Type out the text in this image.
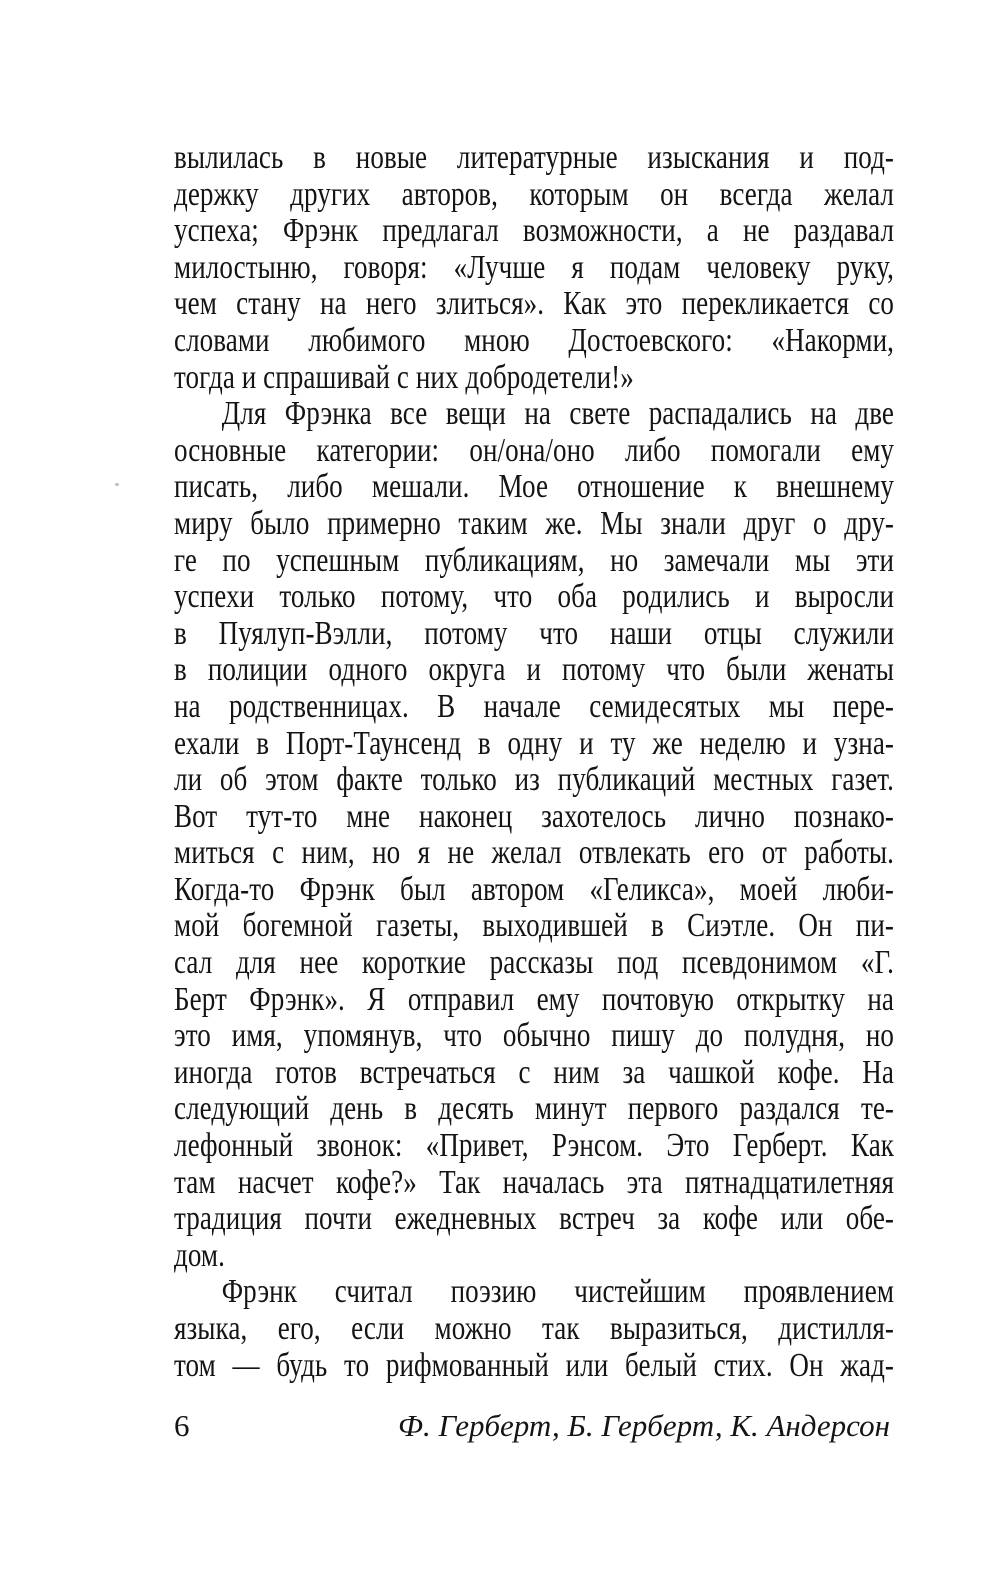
вылилась в новые литературные изыскания и под-
держку других авторов, которым он всегда желал
успеха; Фрэнк предлагал возможности, а не раздавал
милостыню, говоря: «Лучше я подам человеку руку,
чем стану на него злиться». Как это перекликается со
словами любимого мною Достоевского: «Накорми,
тогда и спрашивай с них добродетели!»
Для Фрэнка все вещи на свете распадались на две
основные категории: он/она/оно либо помогали ему
писать, либо мешали. Мое отношение к внешнему
миру было примерно таким же. Мы знали друг о дру-
ге по успешным публикациям, но замечали мы эти
успехи только потому, что оба родились и выросли
в Пуялуп-Вэлли, потому что наши отцы служили
в полиции одного округа и потому что были женаты
на родственницах. В начале семидесятых мы пере-
ехали в Порт-Таунсенд в одну и ту же неделю и узна-
ли об этом факте только из публикаций местных газет.
Вот тут-то мне наконец захотелось лично познако-
миться с ним, но я не желал отвлекать его от работы.
Когда-то Фрэнк был автором «Геликса», моей люби-
мой богемной газеты, выходившей в Сиэтле. Он пи-
сал для нее короткие рассказы под псевдонимом «Г.
Берт Фрэнк». Я отправил ему почтовую открытку на
это имя, упомянув, что обычно пишу до полудня, но
иногда готов встречаться с ним за чашкой кофе. На
следующий день в десять минут первого раздался те-
лефонный звонок: «Привет, Рэнсом. Это Герберт. Как
там насчет кофе?» Так началась эта пятнадцатилетняя
традиция почти ежедневных встреч за кофе или обе-
дом.
Фрэнк считал поэзию чистейшим проявлением
языка, его, если можно так выразиться, дистилля-
том — будь то рифмованный или белый стих. Он жад-
6	Ф. Герберт, Б. Герберт, К. Андерсон
